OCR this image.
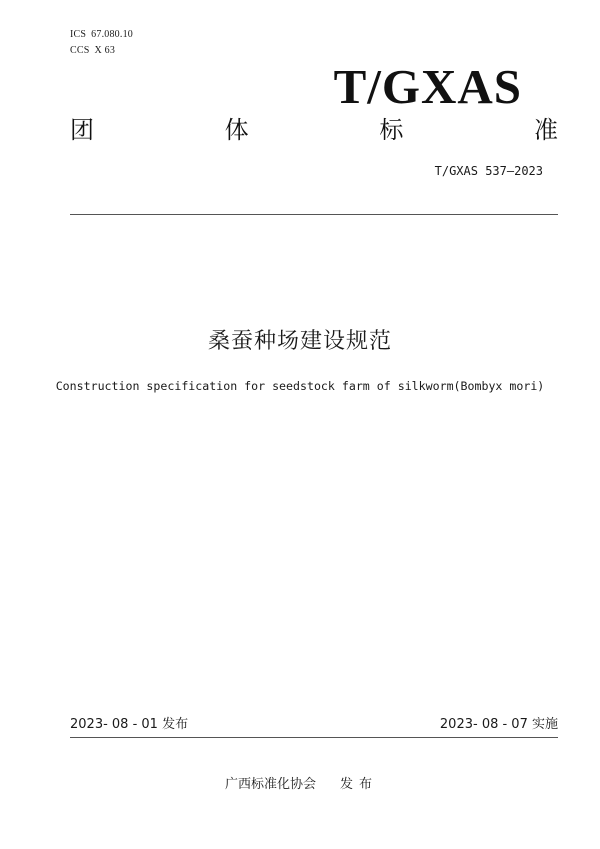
ICS 67.080.10
CCS X 63
T/GXAS
团	体	标	准
T/GXAS 537—2023
桑蚕种场建设规范
Construction specification for seedstock farm of silkworm(Bombyx mori)
2023- 08 - 01 发布	2023- 08 - 07 实施
广西标准化协会 发布
